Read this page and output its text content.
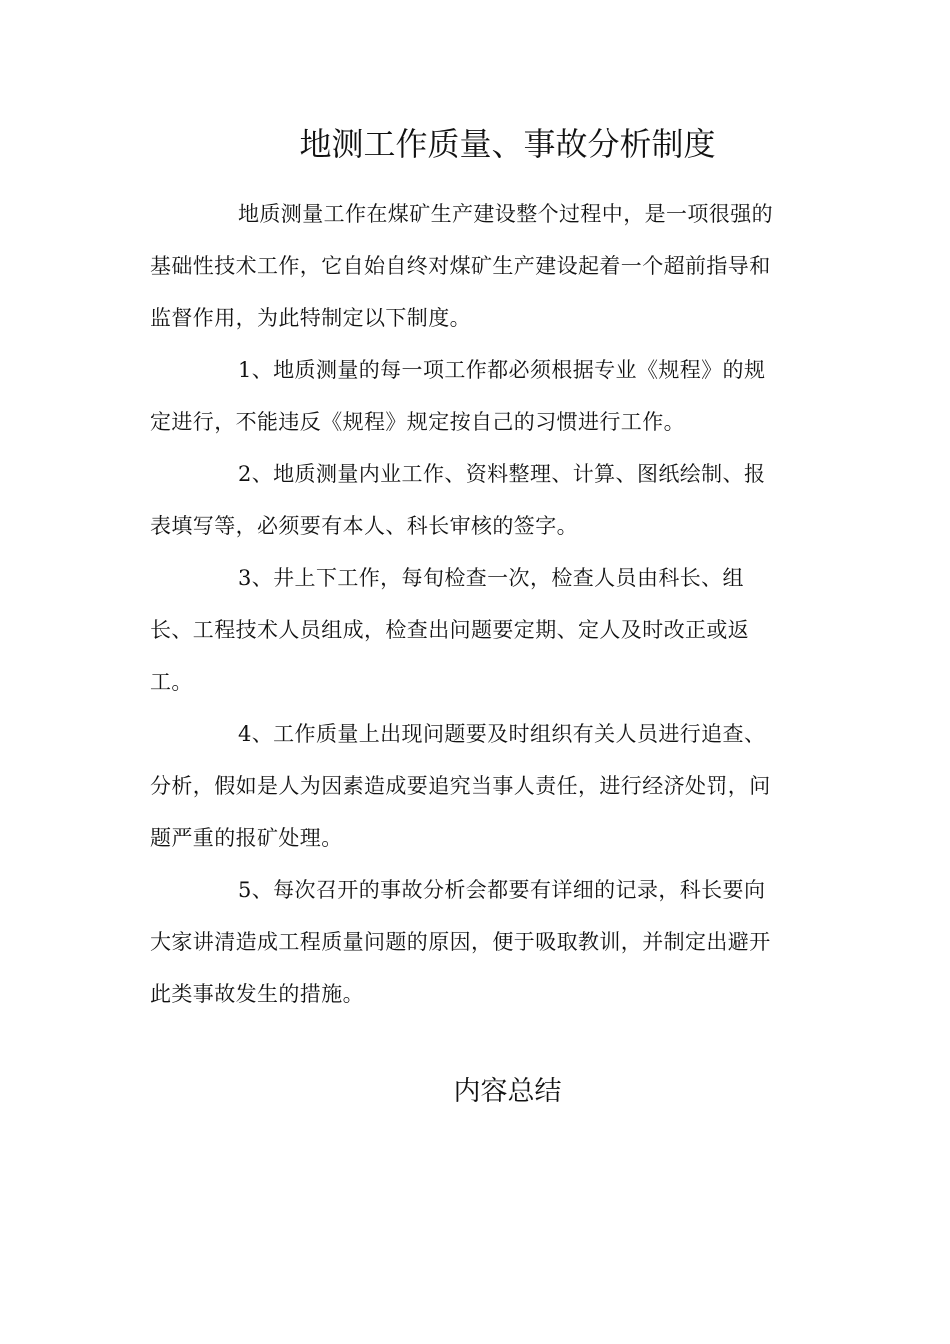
地测工作质量、事故分析制度

地质测量工作在煤矿生产建设整个过程中，是一项很强的
基础性技术工作，它自始自终对煤矿生产建设起着一个超前指导和
监督作用，为此特制定以下制度。

1、地质测量的每一项工作都必须根据专业《规程》的规
定进行，不能违反《规程》规定按自己的习惯进行工作。

2、地质测量内业工作、资料整理、计算、图纸绘制、报
表填写等，必须要有本人、科长审核的签字。

3、井上下工作，每旬检查一次，检查人员由科长、组
长、工程技术人员组成，检查出问题要定期、定人及时改正或返
工。

4、工作质量上出现问题要及时组织有关人员进行追查、
分析，假如是人为因素造成要追究当事人责任，进行经济处罚，问
题严重的报矿处理。

5、每次召开的事故分析会都要有详细的记录，科长要向
大家讲清造成工程质量问题的原因，便于吸取教训，并制定出避开
此类事故发生的措施。

内容总结
